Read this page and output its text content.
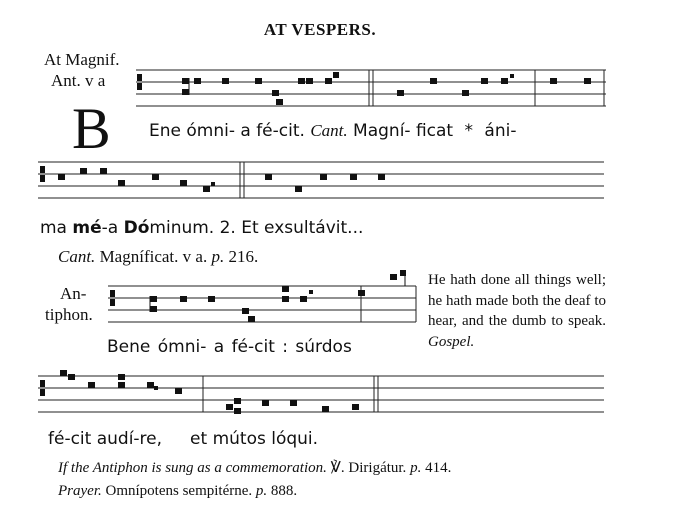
AT VESPERS.
At Magnif.
Ant. v a
B Ene ómni- a fé-cit. Cant. Magní- ficat * áni-
ma mé-a Dóminum. 2. Et exsultávit...
Cant. Magníficat. v a. p. 216.
An-
tiphon.
Bene ómni- a fé-cit : súrdos
He hath done all things well; he hath made both the deaf to hear, and the dumb to speak. Gospel.
fé-cit audí-re, et mútos lóqui.
If the Antiphon is sung as a commemoration. ℣. Dirigátur. p. 414.
Prayer. Omnípotens sempitérne. p. 888.
